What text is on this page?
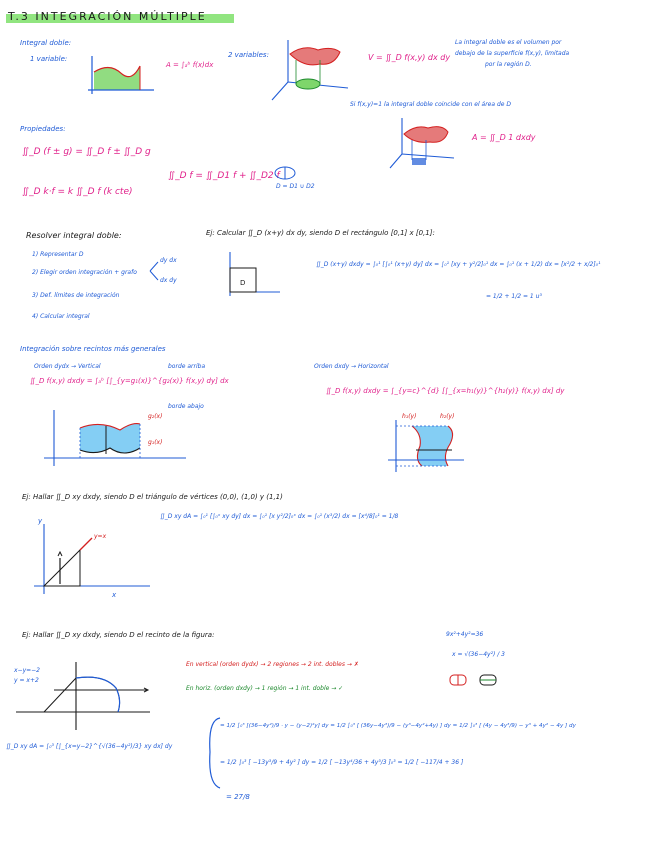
T.3 INTEGRACIÓN MÚLTIPLE
Integral doble:
1 variable:
A = ∫ₐᵇ f(x)dx
2 variables:	V = ∬_D f(x,y) dx dy
La integral doble es el volumen por
debajo de la superficie f(x,y), limitada
por la región D.
Si f(x,y)=1 la integral doble coincide con el área de D
A = ∬_D 1 dxdy
Propiedades:
∬_D (f ± g) = ∬_D f ± ∬_D g
∬_D k·f = k ∬_D f (k cte)
∬_D f = ∬_D1 f + ∬_D2 f
D = D1 ∪ D2
Resolver integral doble:
1) Representar D
2) Elegir orden integración + grafo
3) Def. límites de integración
4) Calcular integral
dy dx
dx dy
Ej: Calcular ∬_D (x+y) dx dy, siendo D el rectángulo [0,1] x [0,1]:
D
∬_D (x+y) dxdy = ∫₀¹ [∫₀¹ (x+y) dy] dx = ∫₀¹ [xy + y²/2]₀¹ dx = ∫₀¹ (x + 1/2) dx = [x²/2 + x/2]₀¹
= 1/2 + 1/2 = 1 u³
Integración sobre recintos más generales
Orden dydx → Vertical
∬_D f(x,y) dxdy = ∫ₐᵇ [∫_{y=g₁(x)}^{g₂(x)} f(x,y) dy] dx
borde arriba
borde abajo
g₂(x)
g₁(x)
Orden dxdy → Horizontal
∬_D f(x,y) dxdy = ∫_{y=c}^{d} [∫_{x=h₁(y)}^{h₂(y)} f(x,y) dx] dy
h₁(y)	h₂(y)
Ej: Hallar ∬_D xy dxdy, siendo D el triángulo de vértices (0,0), (1,0) y (1,1)
∬_D xy dA = ∫₀¹ [∫₀ˣ xy dy] dx = ∫₀¹ [x y²/2]₀ˣ dx = ∫₀¹ (x³/2) dx = [x⁴/8]₀¹ = 1/8
y=x
x
y
Ej: Hallar ∬_D xy dxdy, siendo D el recinto de la figura:	9x²+4y²=36
x = √(36−4y²) / 3
x−y=−2
y = x+2
En vertical (orden dydx) → 2 regiones → 2 int. dobles → ✗
En horiz. (orden dxdy) → 1 región → 1 int. doble → ✓
∬_D xy dA = ∫₀³ [∫_{x=y−2}^{√(36−4y²)/3} xy dx] dy
= 1/2 ∫₀³ [(36−4y²)/9 · y − (y−2)²y] dy = 1/2 ∫₀³ [ (36y−4y³)/9 − (y³−4y²+4y) ] dy = 1/2 ∫₀³ [ (4y − 4y³/9) − y³ + 4y² − 4y ] dy
= 1/2 ∫₀³ [ −13y³/9 + 4y² ] dy = 1/2 [ −13y⁴/36 + 4y³/3 ]₀³ = 1/2 [ −117/4 + 36 ]
= 27/8
